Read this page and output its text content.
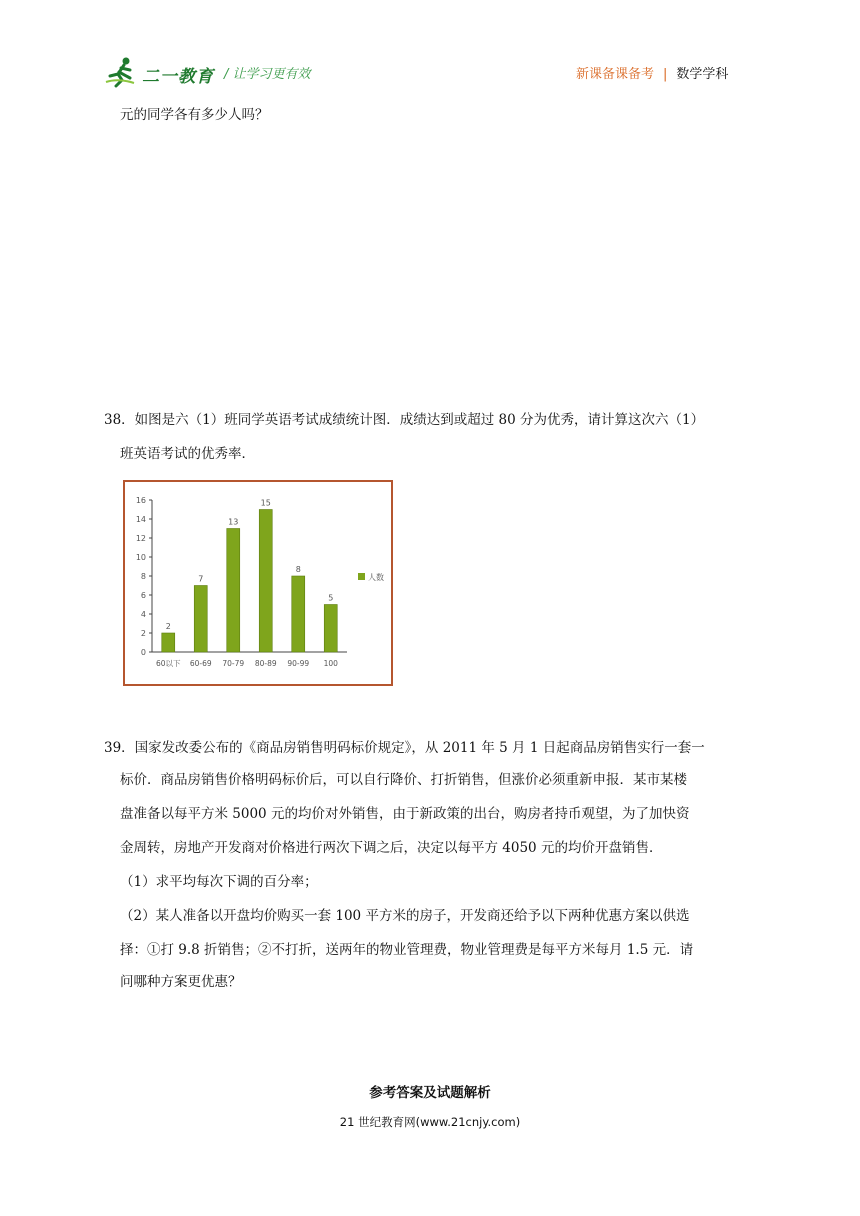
二一教育 / 让学习更有效	新课备课备考 | 数学学科
元的同学各有多少人吗？
38．如图是六（1）班同学英语考试成绩统计图．成绩达到或超过 80 分为优秀，请计算这次六（1）
班英语考试的优秀率．
0
2
4
6
8
10
12
14
16
2
60以下
7
60-69
13
70-79
15
80-89
8
90-99
5
100
人数
39．国家发改委公布的《商品房销售明码标价规定》，从 2011 年 5 月 1 日起商品房销售实行一套一
标价．商品房销售价格明码标价后，可以自行降价、打折销售，但涨价必须重新申报．某市某楼
盘准备以每平方米 5000 元的均价对外销售，由于新政策的出台，购房者持币观望，为了加快资
金周转，房地产开发商对价格进行两次下调之后，决定以每平方 4050 元的均价开盘销售．
（1）求平均每次下调的百分率；
（2）某人准备以开盘均价购买一套 100 平方米的房子，开发商还给予以下两种优惠方案以供选
择：①打 9.8 折销售；②不打折，送两年的物业管理费，物业管理费是每平方米每月 1.5 元．请
问哪种方案更优惠？
参考答案及试题解析
21 世纪教育网(www.21cnjy.com)
